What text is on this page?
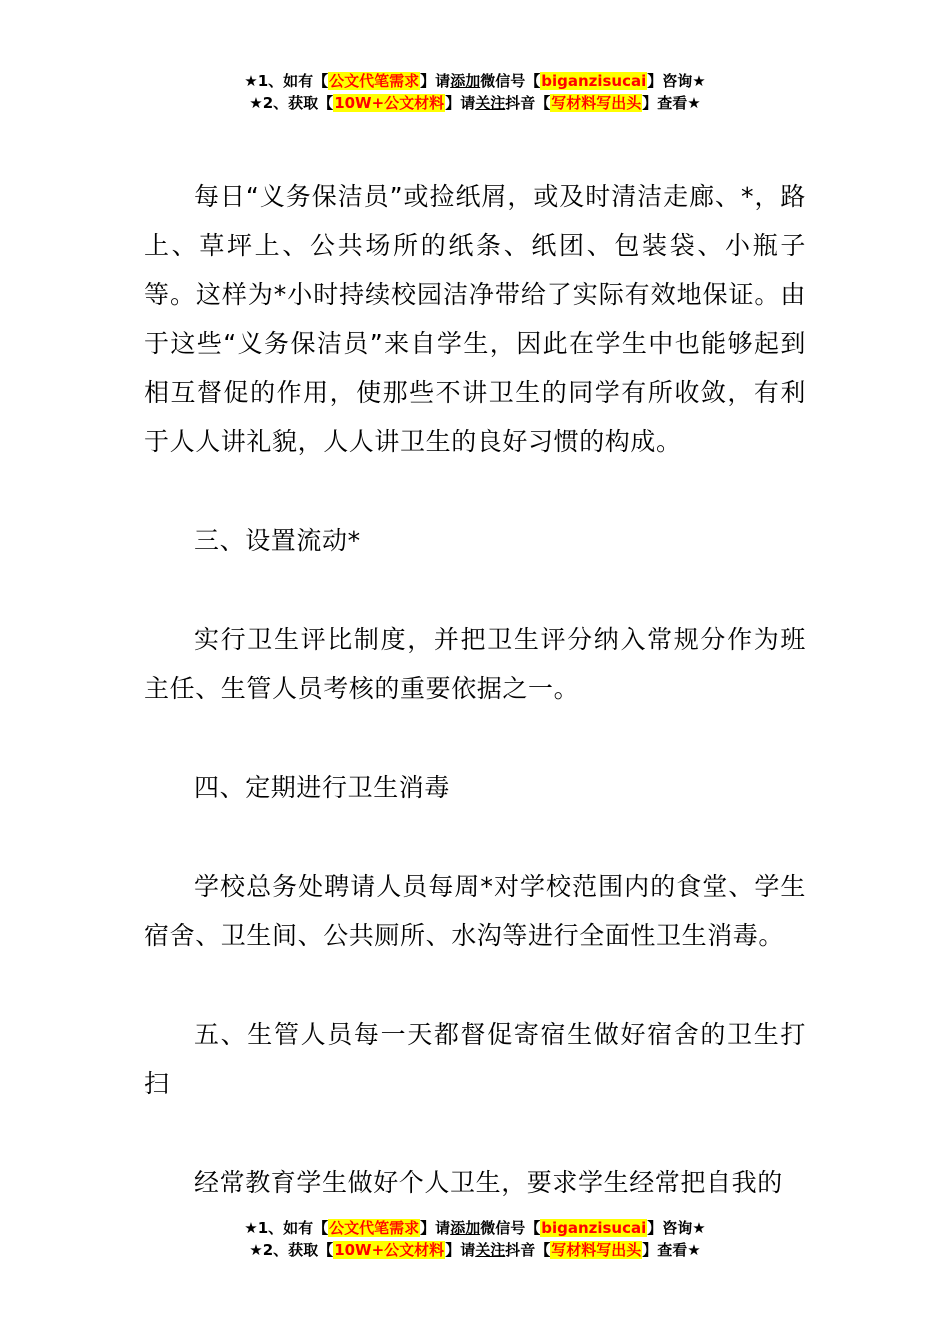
★1、如有【公文代笔需求】请添加微信号【biganzisucai】咨询★
★2、获取【10W+公文材料】请关注抖音【写材料写出头】查看★

每日“义务保洁员”或捡纸屑，或及时清洁走廊、*，路上、草坪上、公共场所的纸条、纸团、包装袋、小瓶子等。这样为*小时持续校园洁净带给了实际有效地保证。由于这些“义务保洁员”来自学生，因此在学生中也能够起到相互督促的作用，使那些不讲卫生的同学有所收敛，有利于人人讲礼貌，人人讲卫生的良好习惯的构成。

三、设置流动*

实行卫生评比制度，并把卫生评分纳入常规分作为班主任、生管人员考核的重要依据之一。

四、定期进行卫生消毒

学校总务处聘请人员每周*对学校范围内的食堂、学生宿舍、卫生间、公共厕所、水沟等进行全面性卫生消毒。

五、生管人员每一天都督促寄宿生做好宿舍的卫生打扫

经常教育学生做好个人卫生，要求学生经常把自我的

★1、如有【公文代笔需求】请添加微信号【biganzisucai】咨询★
★2、获取【10W+公文材料】请关注抖音【写材料写出头】查看★
